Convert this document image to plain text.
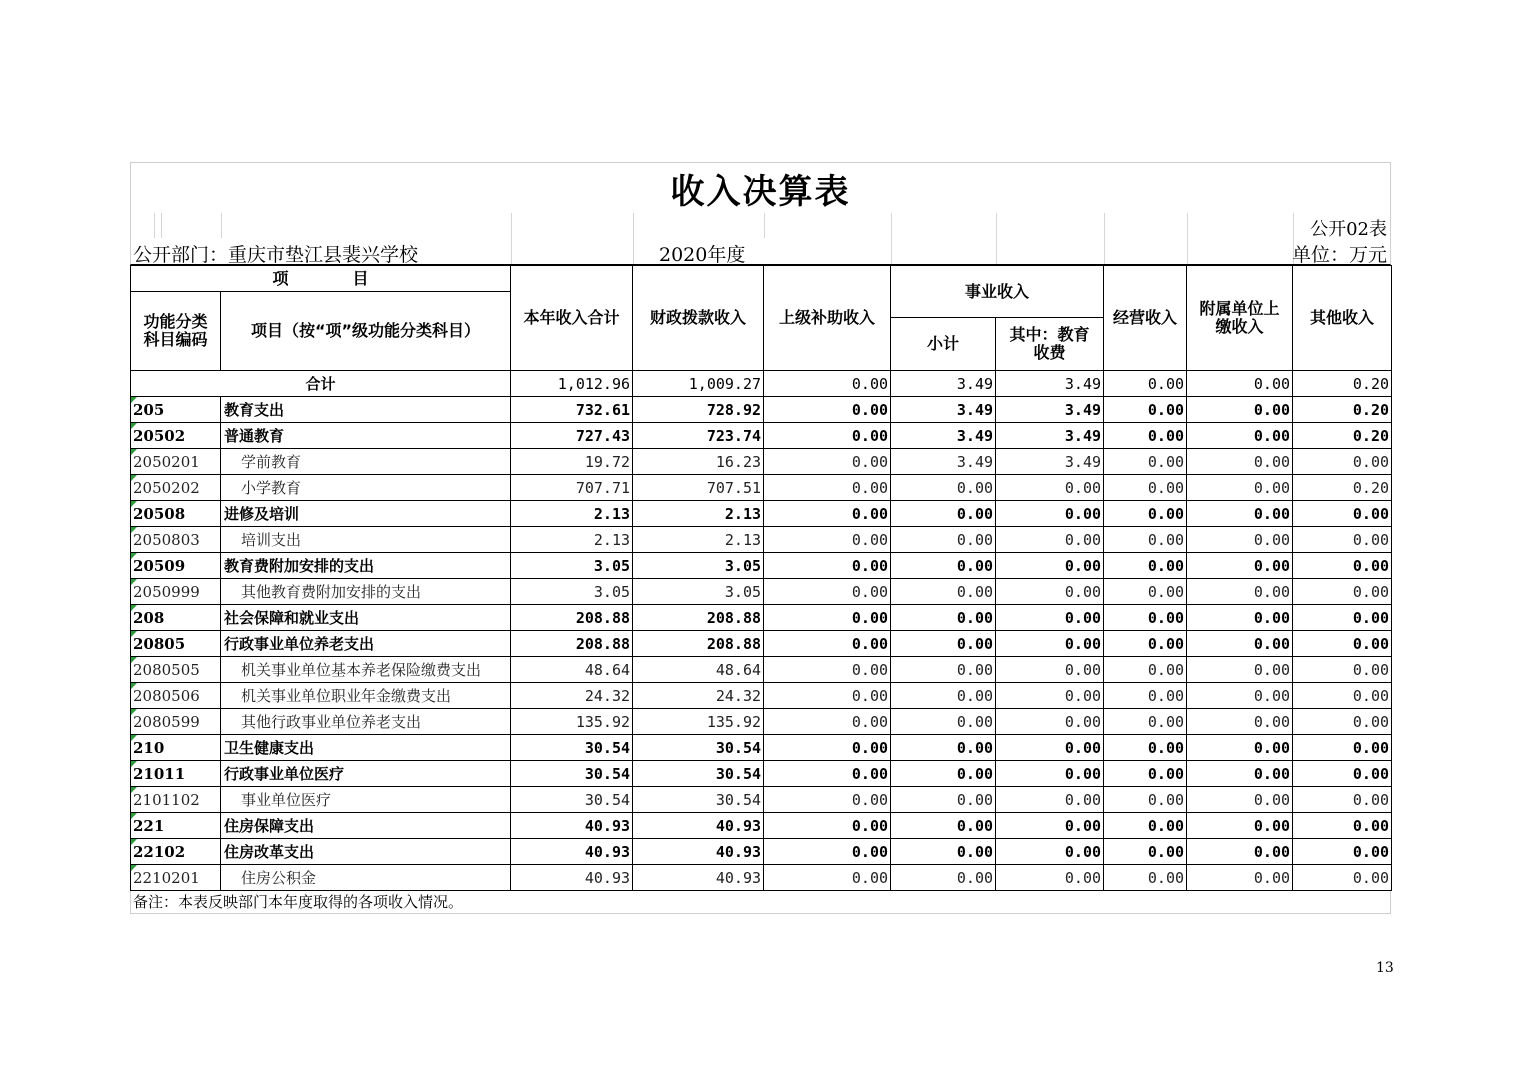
收入决算表
公开02表
公开部门：重庆市垫江县裴兴学校	2020年度	单位：万元
项　　　　目		本年收入合计	财政拨款收入	上级补助收入	事业收入		经营收入	附属单位上缴收入	其他收入
功能分类科目编码	项目（按“项”级功能分类科目）								
					小计	其中：教育收费			
合计		1,012.96	1,009.27	0.00	3.49	3.49	0.00	0.00	0.20

205	教育支出	732.61	728.92	0.00	3.49	3.49	0.00	0.00	0.20

20502	普通教育	727.43	723.74	0.00	3.49	3.49	0.00	0.00	0.20

2050201	学前教育	19.72	16.23	0.00	3.49	3.49	0.00	0.00	0.00

2050202	小学教育	707.71	707.51	0.00	0.00	0.00	0.00	0.00	0.20

20508	进修及培训	2.13	2.13	0.00	0.00	0.00	0.00	0.00	0.00

2050803	培训支出	2.13	2.13	0.00	0.00	0.00	0.00	0.00	0.00

20509	教育费附加安排的支出	3.05	3.05	0.00	0.00	0.00	0.00	0.00	0.00

2050999	其他教育费附加安排的支出	3.05	3.05	0.00	0.00	0.00	0.00	0.00	0.00

208	社会保障和就业支出	208.88	208.88	0.00	0.00	0.00	0.00	0.00	0.00

20805	行政事业单位养老支出	208.88	208.88	0.00	0.00	0.00	0.00	0.00	0.00

2080505	机关事业单位基本养老保险缴费支出	48.64	48.64	0.00	0.00	0.00	0.00	0.00	0.00

2080506	机关事业单位职业年金缴费支出	24.32	24.32	0.00	0.00	0.00	0.00	0.00	0.00

2080599	其他行政事业单位养老支出	135.92	135.92	0.00	0.00	0.00	0.00	0.00	0.00

210	卫生健康支出	30.54	30.54	0.00	0.00	0.00	0.00	0.00	0.00

21011	行政事业单位医疗	30.54	30.54	0.00	0.00	0.00	0.00	0.00	0.00

2101102	事业单位医疗	30.54	30.54	0.00	0.00	0.00	0.00	0.00	0.00

221	住房保障支出	40.93	40.93	0.00	0.00	0.00	0.00	0.00	0.00

22102	住房改革支出	40.93	40.93	0.00	0.00	0.00	0.00	0.00	0.00

2210201	住房公积金	40.93	40.93	0.00	0.00	0.00	0.00	0.00	0.00
备注：本表反映部门本年度取得的各项收入情况。
13
